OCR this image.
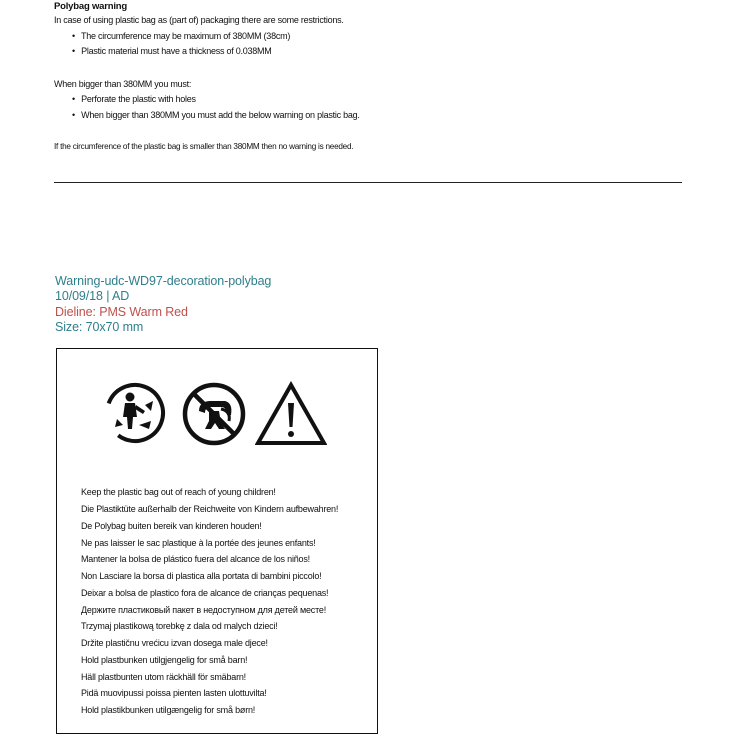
Polybag warning
In case of using plastic bag as (part of) packaging there are some restrictions.
• The circumference may be maximum of 380MM (38cm)
• Plastic material must have a thickness of 0.038MM
When bigger than 380MM you must:
• Perforate the plastic with holes
• When bigger than 380MM you must add the below warning on plastic bag.
If the circumference of the plastic bag is smaller than 380MM then no warning is needed.
Warning-udc-WD97-decoration-polybag
10/09/18 | AD
Dieline: PMS Warm Red
Size: 70x70 mm
Keep the plastic bag out of reach of young children!
Die Plastiktüte außerhalb der Reichweite von Kindern aufbewahren!
De Polybag buiten bereik van kinderen houden!
Ne pas laisser le sac plastique à la portée des jeunes enfants!
Mantener la bolsa de plástico fuera del alcance de los niños!
Non Lasciare la borsa di plastica alla portata di bambini piccolo!
Deixar a bolsa de plastico fora de alcance de crianças pequenas!
Держите пластиковый пакет в недоступном для детей месте!
Trzymaj plastikową torebkę z dala od malych dzieci!
Držite plastičnu vrećicu izvan dosega male djece!
Hold plastbunken utilgjengelig for små barn!
Häll plastbunten utom räckhäll för smäbarn!
Pidä muovipussi poissa pienten lasten ulottuvilta!
Hold plastikbunken utilgængelig for små børn!
